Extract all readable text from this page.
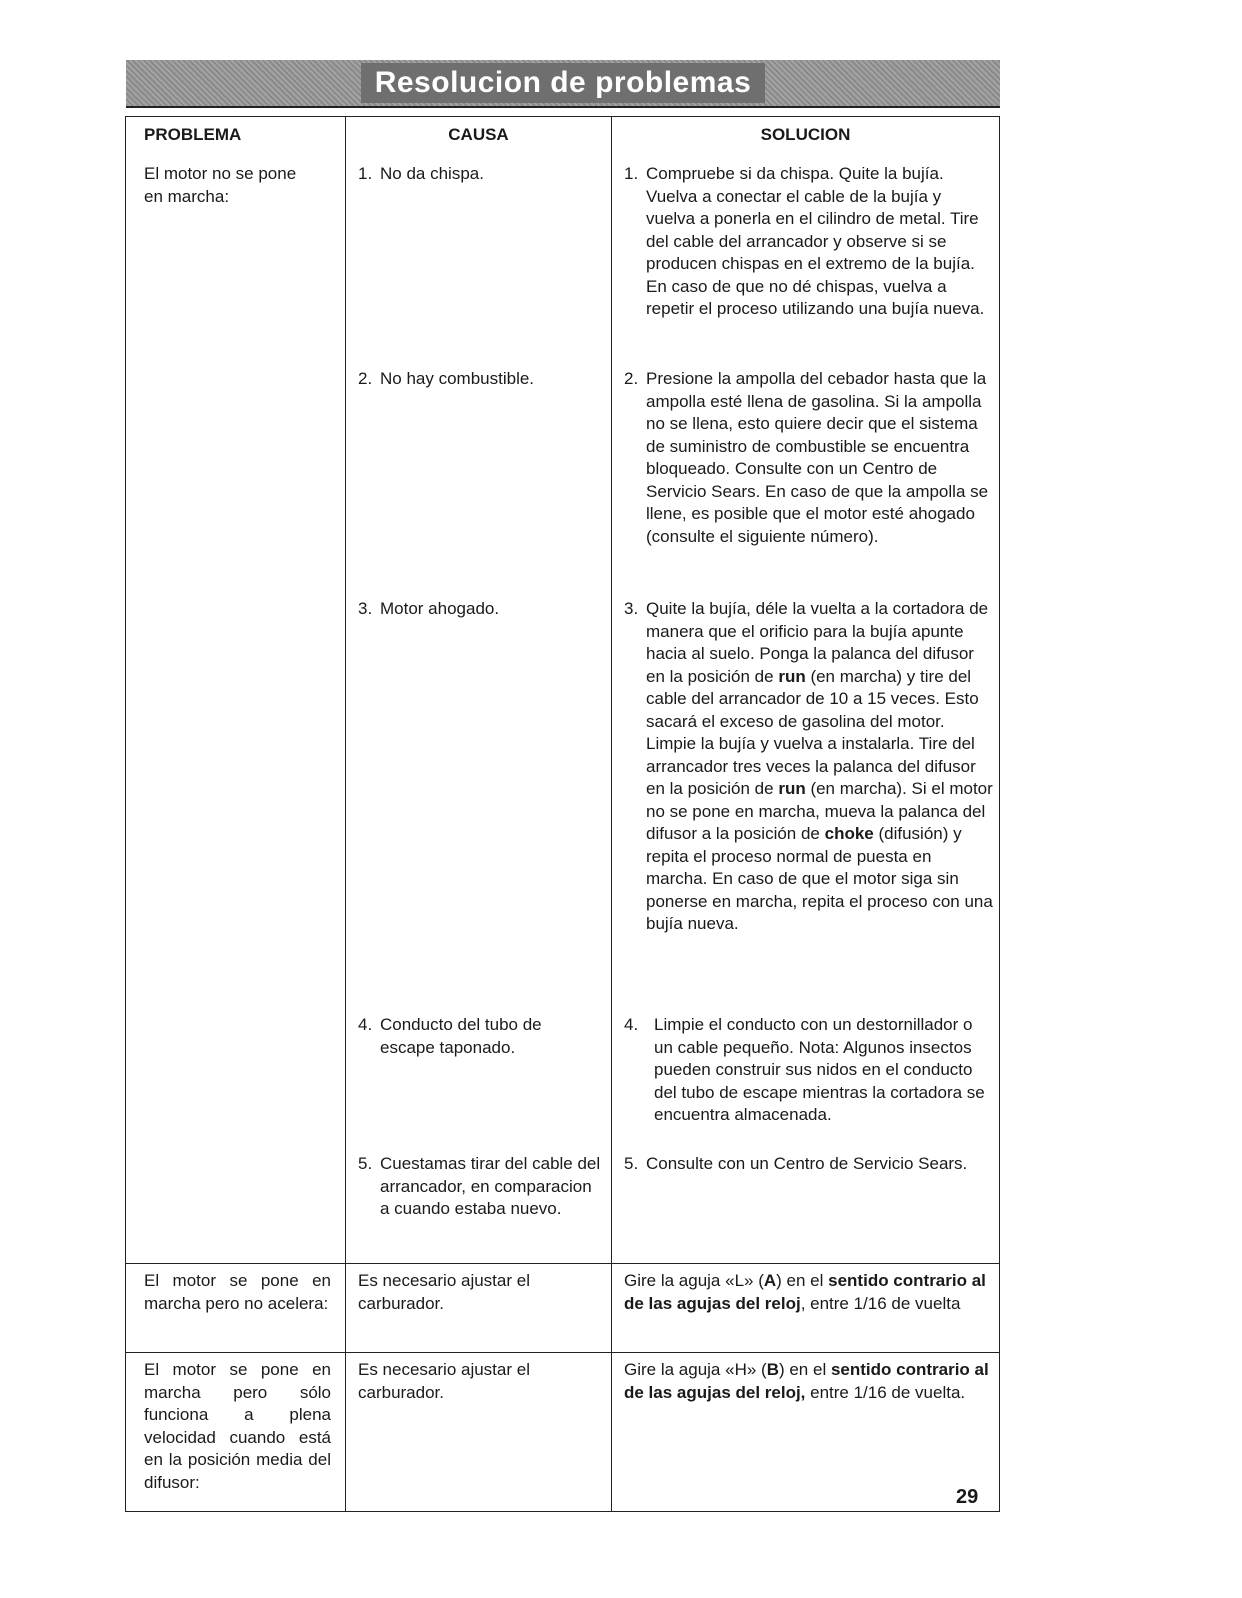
Resolucion de problemas
PROBLEMA	CAUSA	SOLUCION

El motor no se pone en marcha:	1. No da chispa.	1. Compruebe si da chispa. Quite la bujía. Vuelva a conectar el cable de la bujía y vuelva a ponerla en el cilindro de metal. Tire del cable del arrancador y observe si se producen chispas en el extremo de la bujía. En caso de que no dé chispas, vuelva a repetir el proceso utilizando una bujía nueva.

	2. No hay combustible.	2. Presione la ampolla del cebador hasta que la ampolla esté llena de gasolina. Si la ampolla no se llena, esto quiere decir que el sistema de suministro de combustible se encuentra bloqueado. Consulte con un Centro de Servicio Sears. En caso de que la ampolla se llene, es posible que el motor esté ahogado (consulte el siguiente número).

	3. Motor ahogado.	3. Quite la bujía, déle la vuelta a la cortadora de manera que el orificio para la bujía apunte hacia al suelo. Ponga la palanca del difusor en la posición de run (en marcha) y tire del cable del arrancador de 10 a 15 veces. Esto sacará el exceso de gasolina del motor. Limpie la bujía y vuelva a instalarla. Tire del arrancador tres veces la palanca del difusor en la posición de run (en marcha). Si el motor no se pone en marcha, mueva la palanca del difusor a la posición de choke (difusión) y repita el proceso normal de puesta en marcha. En caso de que el motor siga sin ponerse en marcha, repita el proceso con una bujía nueva.

	4. Conducto del tubo de escape taponado.	4. Limpie el conducto con un destornillador o un cable pequeño. Nota: Algunos insectos pueden construir sus nidos en el conducto del tubo de escape mientras la cortadora se encuentra almacenada.

	5. Cuestamas tirar del cable del arrancador, en comparacion a cuando estaba nuevo.	5. Consulte con un Centro de Servicio Sears.

El motor se pone en marcha pero no acelera:	Es necesario ajustar el carburador.	Gire la aguja «L» (A) en el sentido contrario al de las agujas del reloj, entre 1/16 de vuelta

El motor se pone en marcha pero sólo funciona a plena velocidad cuando está en la posición media del difusor:	Es necesario ajustar el carburador.	Gire la aguja «H» (B) en el sentido contrario al de las agujas del reloj, entre 1/16 de vuelta.
29
